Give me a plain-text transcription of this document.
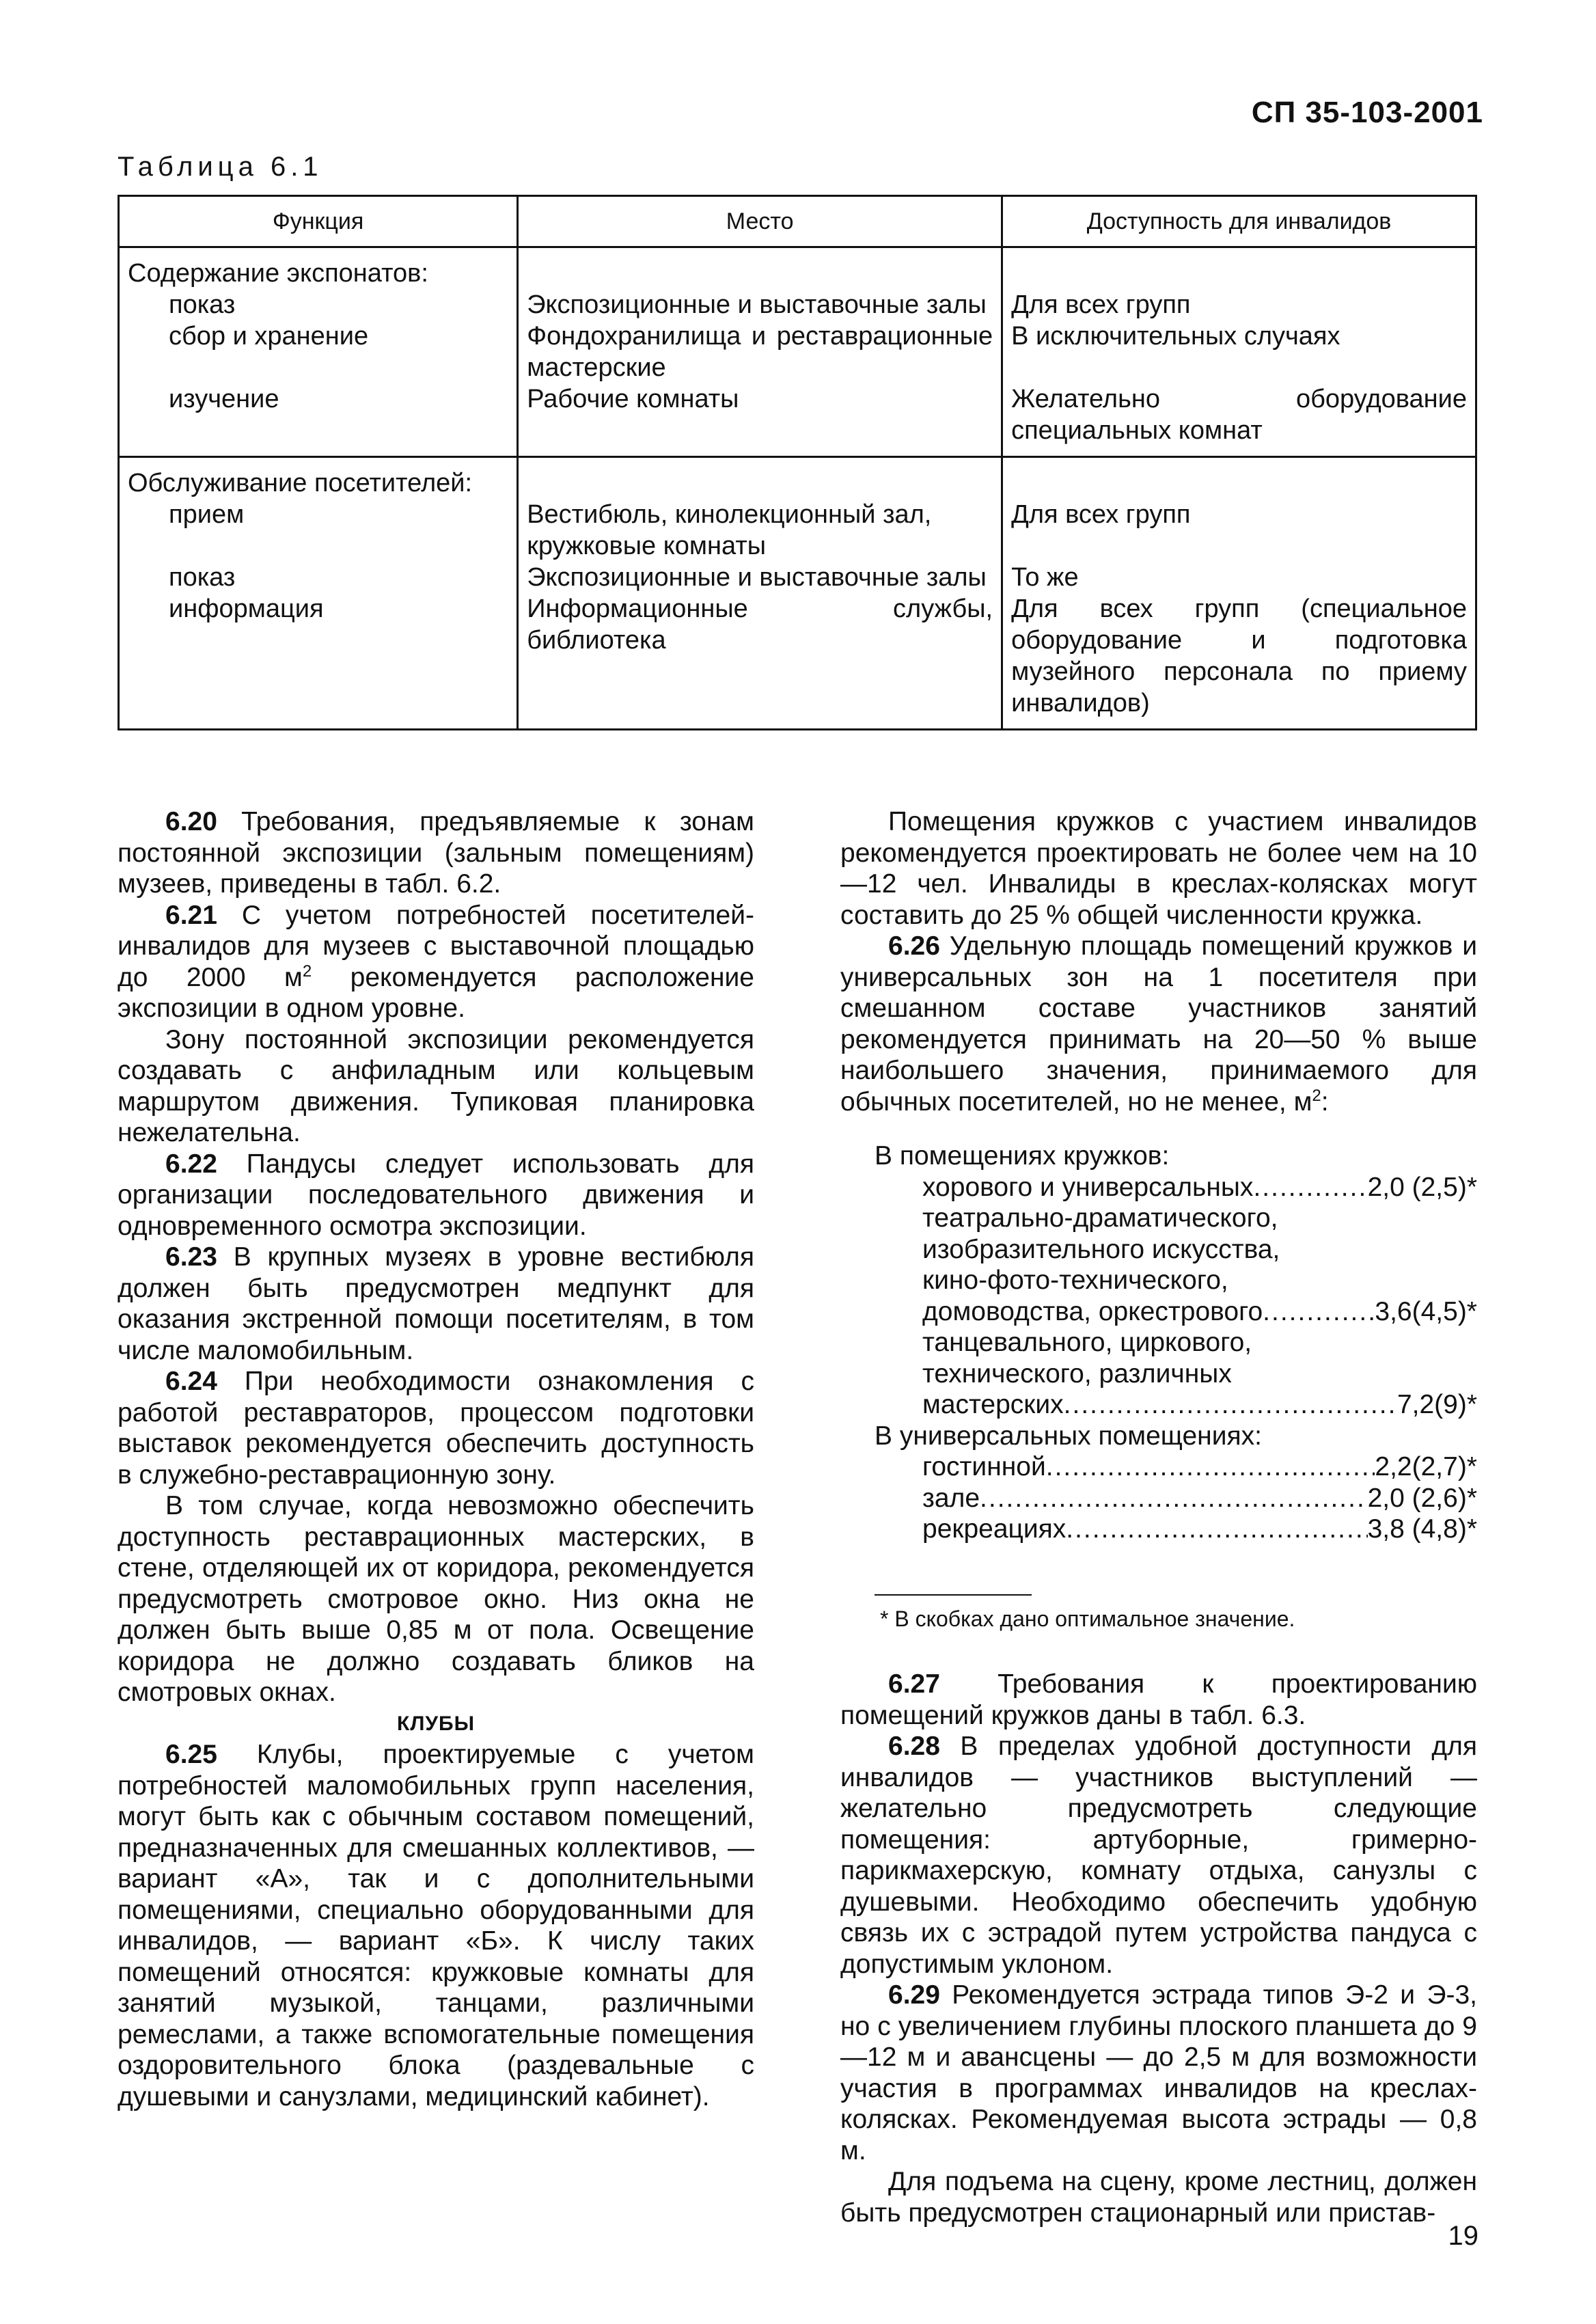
СП 35-103-2001
Таблица 6.1
Функция	Место	Доступность для инвалидов
Содержание экспонатов:		

показ	Экспозиционные и выставочные залы	Для всех групп

сбор и хранение	Фондохранилища и реставрационные мастерские	В исключительных случаях

изучение	Рабочие комнаты	Желательно оборудование специальных комнат
Обслуживание посетителей:		

прием	Вестибюль, кинолекционный зал, кружковые комнаты	Для всех групп

показ	Экспозиционные и выставочные залы	То же

информация	Информационные службы, библиотека	Для всех групп (специальное оборудование и подготовка музейного персонала по приему инвалидов)

6.20 Требования, предъявляемые к зонам постоянной экспозиции (зальным помещениям) музеев, приведены в табл. 6.2.

6.21 С учетом потребностей посетителей-инвалидов для музеев с выставочной площадью до 2000 $м^2$ рекомендуется расположение экспозиции в одном уровне.

Зону постоянной экспозиции рекомендуется создавать с анфиладным или кольцевым маршрутом движения. Тупиковая планировка нежелательна.

6.22 Пандусы следует использовать для организации последовательного движения и одновременного осмотра экспозиции.

6.23 В крупных музеях в уровне вестибюля должен быть предусмотрен медпункт для оказания экстренной помощи посетителям, в том числе маломобильным.

6.24 При необходимости ознакомления с работой реставраторов, процессом подготовки выставок рекомендуется обеспечить доступность в служебно-реставрационную зону.

В том случае, когда невозможно обеспечить доступность реставрационных мастерских, в стене, отделяющей их от коридора, рекомендуется предусмотреть смотровое окно. Низ окна не должен быть выше 0,85 м от пола. Освещение коридора не должно создавать бликов на смотровых окнах.

КЛУБЫ

6.25 Клубы, проектируемые с учетом потребностей маломобильных групп населения, могут быть как с обычным составом помещений, предназначенных для смешанных коллективов, — вариант «А», так и с дополнительными помещениями, специально оборудованными для инвалидов, — вариант «Б». К числу таких помещений относятся: кружковые комнаты для занятий музыкой, танцами, различными ремеслами, а также вспомогательные помещения оздоровительного блока (раздевальные с душевыми и санузлами, медицинский кабинет).

Помещения кружков с участием инвалидов рекомендуется проектировать не более чем на 10—12 чел. Инвалиды в креслах-колясках могут составить до 25 % общей численности кружка.

6.26 Удельную площадь помещений кружков и универсальных зон на 1 посетителя при смешанном составе участников занятий рекомендуется принимать на 20—50 % выше наибольшего значения, принимаемого для обычных посетителей, но не менее, $м^2$:

В помещениях кружков:
хорового и универсальных .....	2,0 (2,5)*
театрально-драматического,
изобразительного искусства,
кино-фото-технического,
домоводства, оркестрового .....	3,6(4,5)*
танцевального, циркового,
технического, различных
мастерских .....	7,2(9)*
В универсальных помещениях:
гостинной .....	2,2(2,7)*
зале .....	2,0 (2,6)*
рекреациях .....	3,8 (4,8)*
* В скобках дано оптимальное значение.

6.27 Требования к проектированию помещений кружков даны в табл. 6.3.

6.28 В пределах удобной доступности для инвалидов — участников выступлений — желательно предусмотреть следующие помещения: артуборные, гримерно-парикмахерскую, комнату отдыха, санузлы с душевыми. Необходимо обеспечить удобную связь их с эстрадой путем устройства пандуса с допустимым уклоном.

6.29 Рекомендуется эстрада типов Э-2 и Э-3, но с увеличением глубины плоского планшета до 9—12 м и авансцены — до 2,5 м для возможности участия в программах инвалидов на креслах-колясках. Рекомендуемая высота эстрады — 0,8 м.

Для подъема на сцену, кроме лестниц, должен быть предусмотрен стационарный или пристав-

19
